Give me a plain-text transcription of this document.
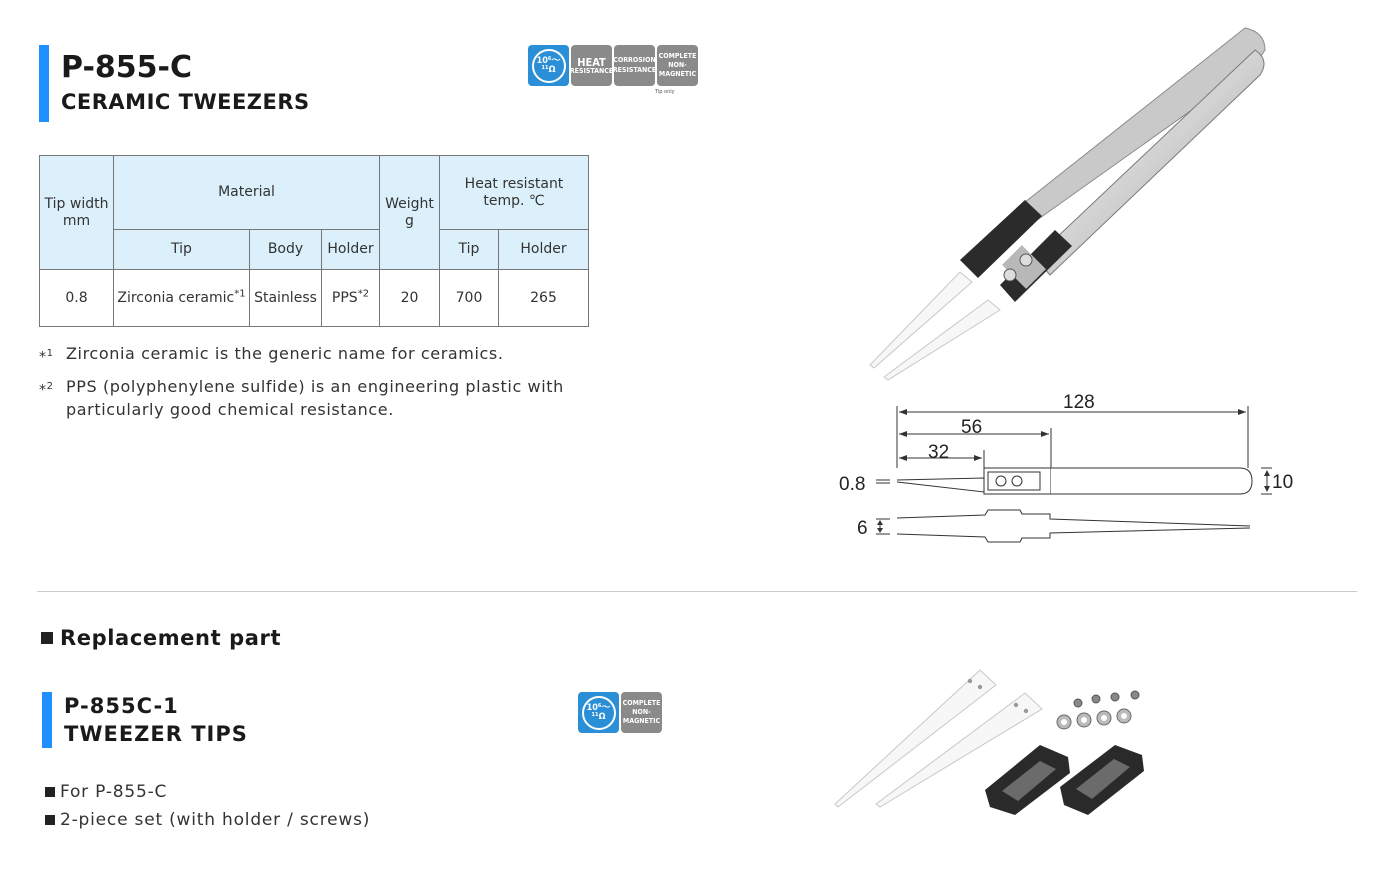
P-855-C
CERAMIC TWEEZERS
10⁶〜¹¹Ω
HEAT
RESISTANCE
CORROSION
RESISTANCE
COMPLETE
NON-
MAGNETIC
Tip only
Tip width mm	Material			Weight g	Heat resistant temp. ℃	
	Tip	Body	Holder		Tip	Holder
0.8	Zirconia ceramic$^{*1}$	Stainless	PPS$^{*2}$	20	700	265
*$^1$ Zirconia ceramic is the generic name for ceramics.
*$^2$ PPS (polyphenylene sulfide) is an engineering plastic with particularly good chemical resistance.	128
56
32
0.8	10
6
Replacement part
P-855C-1
TWEEZER TIPS
10⁶〜¹¹Ω
COMPLETE
NON-
MAGNETIC
For P-855-C
2-piece set (with holder / screws)
